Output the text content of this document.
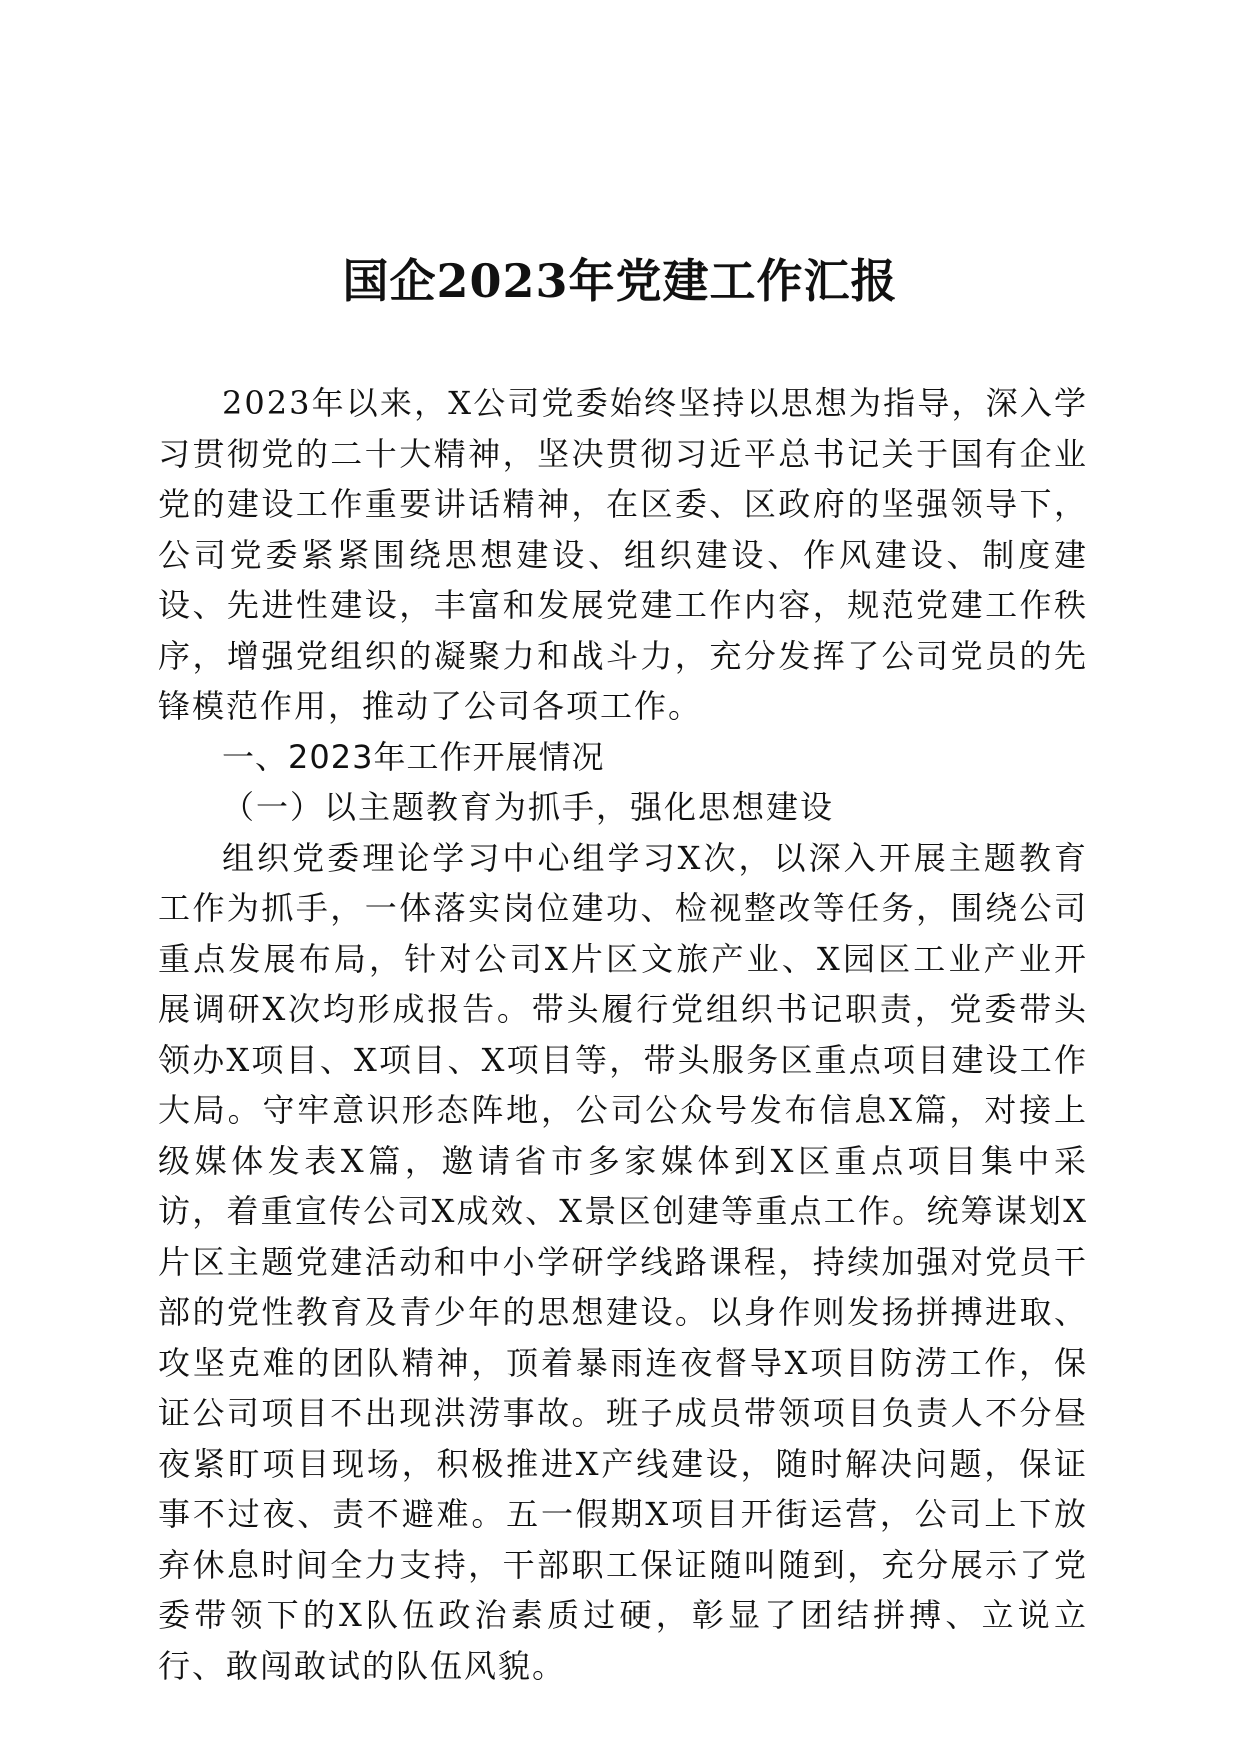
国企2023年党建工作汇报

2023年以来，X公司党委始终坚持以思想为指导，深入学习贯彻党的二十大精神，坚决贯彻习近平总书记关于国有企业党的建设工作重要讲话精神，在区委、区政府的坚强领导下，公司党委紧紧围绕思想建设、组织建设、作风建设、制度建设、先进性建设，丰富和发展党建工作内容，规范党建工作秩序，增强党组织的凝聚力和战斗力，充分发挥了公司党员的先锋模范作用，推动了公司各项工作。

一、2023年工作开展情况

（一）以主题教育为抓手，强化思想建设

组织党委理论学习中心组学习X次，以深入开展主题教育工作为抓手，一体落实岗位建功、检视整改等任务，围绕公司重点发展布局，针对公司X片区文旅产业、X园区工业产业开展调研X次均形成报告。带头履行党组织书记职责，党委带头领办X项目、X项目、X项目等，带头服务区重点项目建设工作大局。守牢意识形态阵地，公司公众号发布信息X篇，对接上级媒体发表X篇，邀请省市多家媒体到X区重点项目集中采访，着重宣传公司X成效、X景区创建等重点工作。统筹谋划X片区主题党建活动和中小学研学线路课程，持续加强对党员干部的党性教育及青少年的思想建设。以身作则发扬拼搏进取、攻坚克难的团队精神，顶着暴雨连夜督导X项目防涝工作，保证公司项目不出现洪涝事故。班子成员带领项目负责人不分昼夜紧盯项目现场，积极推进X产线建设，随时解决问题，保证事不过夜、责不避难。五一假期X项目开街运营，公司上下放弃休息时间全力支持，干部职工保证随叫随到，充分展示了党委带领下的X队伍政治素质过硬，彰显了团结拼搏、立说立行、敢闯敢试的队伍风貌。
